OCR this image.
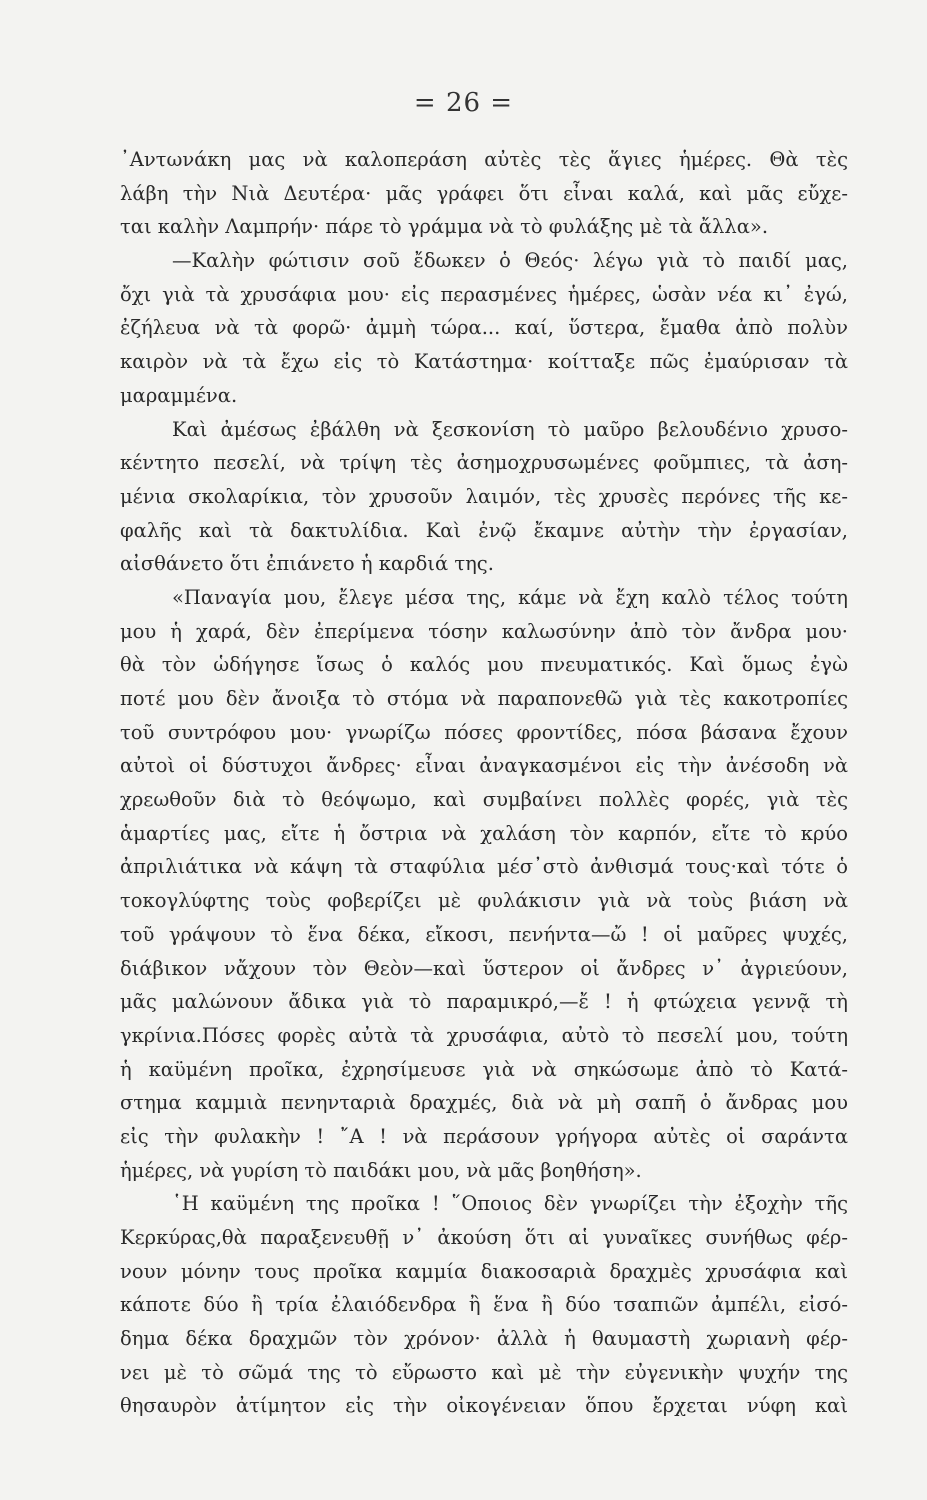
= 26 =
᾿Αντωνάκη μας νὰ καλοπεράση αὐτὲς τὲς ἅγιες ἡμέρες. Θὰ τὲς
λάβη τὴν Νιὰ Δευτέρα· μᾶς γράφει ὅτι εἶναι καλά, καὶ μᾶς εὔχε-
ται καλὴν Λαμπρήν· πάρε τὸ γράμμα νὰ τὸ φυλάξης μὲ τὰ ἄλλα».
—Καλὴν φώτισιν σοῦ ἔδωκεν ὁ Θεός· λέγω γιὰ τὸ παιδί μας,
ὄχι γιὰ τὰ χρυσάφια μου· εἰς περασμένες ἡμέρες, ὡσὰν νέα κι᾽ ἐγώ,
ἐζήλευα νὰ τὰ φορῶ· ἀμμὴ τώρα... καί, ὕστερα, ἔμαθα ἀπὸ πολὺν
καιρὸν νὰ τὰ ἔχω εἰς τὸ Κατάστημα· κοίτταξε πῶς ἐμαύρισαν τὰ
μαραμμένα.
Καὶ ἀμέσως ἐβάλθη νὰ ξεσκονίση τὸ μαῦρο βελουδένιο χρυσο-
κέντητο πεσελί, νὰ τρίψη τὲς ἀσημοχρυσωμένες φοῦμπιες, τὰ ἀση-
μένια σκολαρίκια, τὸν χρυσοῦν λαιμόν, τὲς χρυσὲς περόνες τῆς κε-
φαλῆς καὶ τὰ δακτυλίδια. Καὶ ἐνῷ ἔκαμνε αὐτὴν τὴν ἐργασίαν,
αἰσθάνετο ὅτι ἐπιάνετο ἡ καρδιά της.
«Παναγία μου, ἔλεγε μέσα της, κάμε νὰ ἔχη καλὸ τέλος τούτη
μου ἡ χαρά, δὲν ἐπερίμενα τόσην καλωσύνην ἀπὸ τὸν ἄνδρα μου·
θὰ τὸν ὡδήγησε ἴσως ὁ καλός μου πνευματικός. Καὶ ὅμως ἐγὼ
ποτέ μου δὲν ἄνοιξα τὸ στόμα νὰ παραπονεθῶ γιὰ τὲς κακοτροπίες
τοῦ συντρόφου μου· γνωρίζω πόσες φροντίδες, πόσα βάσανα ἔχουν
αὐτοὶ οἱ δύστυχοι ἄνδρες· εἶναι ἀναγκασμένοι εἰς τὴν ἀνέσοδη νὰ
χρεωθοῦν διὰ τὸ θεόψωμο, καὶ συμβαίνει πολλὲς φορές, γιὰ τὲς
ἁμαρτίες μας, εἴτε ἡ ὄστρια νὰ χαλάση τὸν καρπόν, εἴτε τὸ κρύο
ἀπριλιάτικα νὰ κάψη τὰ σταφύλια μέσ᾽στὸ ἀνθισμά τους·καὶ τότε ὁ
τοκογλύφτης τοὺς φοβερίζει μὲ φυλάκισιν γιὰ νὰ τοὺς βιάση νὰ
τοῦ γράψουν τὸ ἕνα δέκα, εἴκοσι, πενήντα—ὤ ! οἱ μαῦρες ψυχές,
διάβικον νἄχουν τὸν Θεὸν—καὶ ὕστερον οἱ ἄνδρες ν᾽ ἀγριεύουν,
μᾶς μαλώνουν ἄδικα γιὰ τὸ παραμικρό,—ἔ ! ἡ φτώχεια γεννᾷ τὴ
γκρίνια.Πόσες φορὲς αὐτὰ τὰ χρυσάφια, αὐτὸ τὸ πεσελί μου, τούτη
ἡ καϋμένη προῖκα, ἐχρησίμευσε γιὰ νὰ σηκώσωμε ἀπὸ τὸ Κατά-
στημα καμμιὰ πενηνταριὰ δραχμές, διὰ νὰ μὴ σαπῆ ὁ ἄνδρας μου
εἰς τὴν φυλακὴν ! ῎Α ! νὰ περάσουν γρήγορα αὐτὲς οἱ σαράντα
ἡμέρες, νὰ γυρίση τὸ παιδάκι μου, νὰ μᾶς βοηθήση».
῾Η καϋμένη της προῖκα ! ῞Οποιος δὲν γνωρίζει τὴν ἐξοχὴν τῆς
Κερκύρας,θὰ παραξενευθῇ ν᾽ ἀκούση ὅτι αἱ γυναῖκες συνήθως φέρ-
νουν μόνην τους προῖκα καμμία διακοσαριὰ δραχμὲς χρυσάφια καὶ
κάποτε δύο ἢ τρία ἐλαιόδενδρα ἢ ἕνα ἢ δύο τσαπιῶν ἀμπέλι, εἰσό-
δημα δέκα δραχμῶν τὸν χρόνον· ἀλλὰ ἡ θαυμαστὴ χωριανὴ φέρ-
νει μὲ τὸ σῶμά της τὸ εὔρωστο καὶ μὲ τὴν εὐγενικὴν ψυχήν της
θησαυρὸν ἀτίμητον εἰς τὴν οἰκογένειαν ὅπου ἔρχεται νύφη καὶ
